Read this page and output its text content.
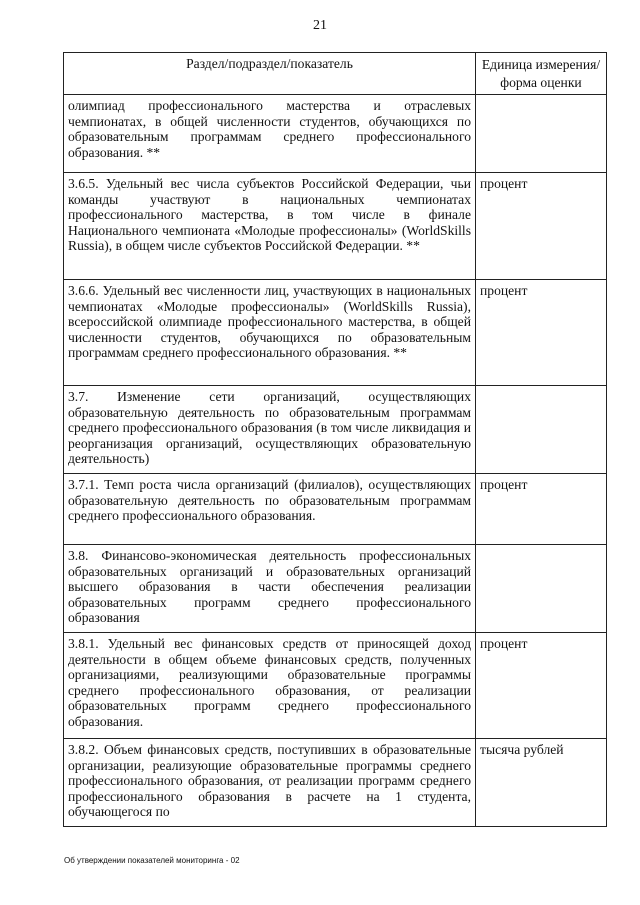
21
Раздел/подраздел/показатель	Единица измерения/ форма оценки
олимпиад профессионального мастерства и отраслевых чемпионатах, в общей численности студентов, обучающихся по образовательным программам среднего профессионального образования. **	
3.6.5. Удельный вес числа субъектов Российской Федерации, чьи команды участвуют в национальных чемпионатах профессионального мастерства, в том числе в финале Национального чемпионата «Молодые профессионалы» (WorldSkills Russia), в общем числе субъектов Российской Федерации. **	процент
3.6.6. Удельный вес численности лиц, участвующих в национальных чемпионатах «Молодые профессионалы» (WorldSkills Russia), всероссийской олимпиаде профессионального мастерства, в общей численности студентов, обучающихся по образовательным программам среднего профессионального образования. **	процент
3.7. Изменение сети организаций, осуществляющих образовательную деятельность по образовательным программам среднего профессионального образования (в том числе ликвидация и реорганизация организаций, осуществляющих образовательную деятельность)	
3.7.1. Темп роста числа организаций (филиалов), осуществляющих образовательную деятельность по образовательным программам среднего профессионального образования.	процент
3.8. Финансово-экономическая деятельность профессиональных образовательных организаций и образовательных организаций высшего образования в части обеспечения реализации образовательных программ среднего профессионального образования	
3.8.1. Удельный вес финансовых средств от приносящей доход деятельности в общем объеме финансовых средств, полученных организациями, реализующими образовательные программы среднего профессионального образования, от реализации образовательных программ среднего профессионального образования.	процент
3.8.2. Объем финансовых средств, поступивших в образовательные организации, реализующие образовательные программы среднего профессионального образования, от реализации программ среднего профессионального образования в расчете на 1 студента, обучающегося по	тысяча рублей
Об утверждении показателей мониторинга - 02
